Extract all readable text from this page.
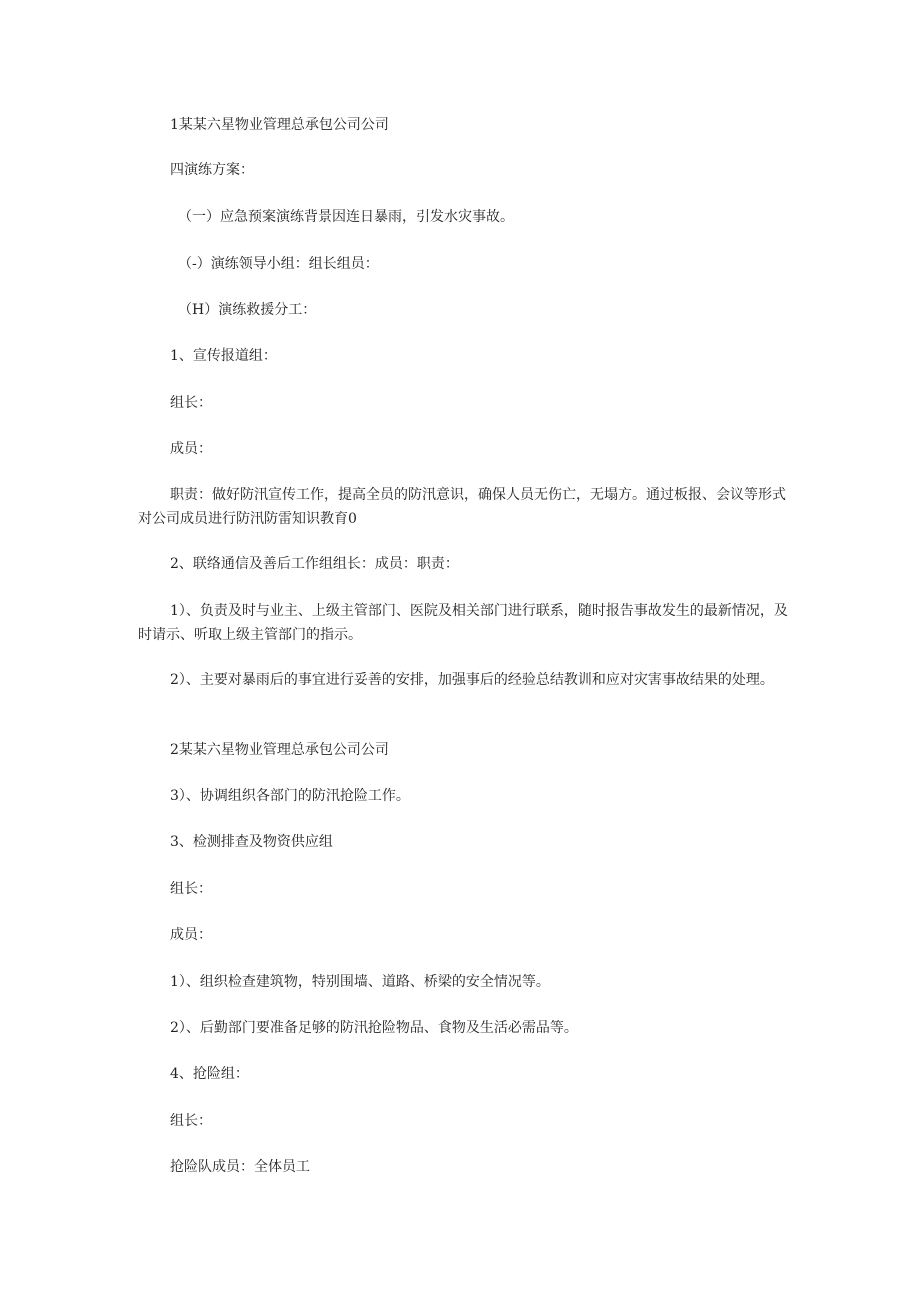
1某某六星物业管理总承包公司公司

四演练方案：

（一）应急预案演练背景因连日暴雨，引发水灾事故。

（-）演练领导小组：组长组员：

（H）演练救援分工：

1、宣传报道组：

组长：

成员：

职责：做好防汛宣传工作，提高全员的防汛意识，确保人员无伤亡，无塌方。通过板报、会议等形式对公司成员进行防汛防雷知识教育0

2、联络通信及善后工作组组长：成员：职责：

1）、负责及时与业主、上级主管部门、医院及相关部门进行联系，随时报告事故发生的最新情况，及时请示、听取上级主管部门的指示。

2）、主要对暴雨后的事宜进行妥善的安排，加强事后的经验总结教训和应对灾害事故结果的处理。

2某某六星物业管理总承包公司公司

3）、协调组织各部门的防汛抢险工作。

3、检测排查及物资供应组

组长：

成员：

1）、组织检查建筑物，特别围墙、道路、桥梁的安全情况等。

2）、后勤部门要准备足够的防汛抢险物品、食物及生活必需品等。

4、抢险组：

组长：

抢险队成员：全体员工
